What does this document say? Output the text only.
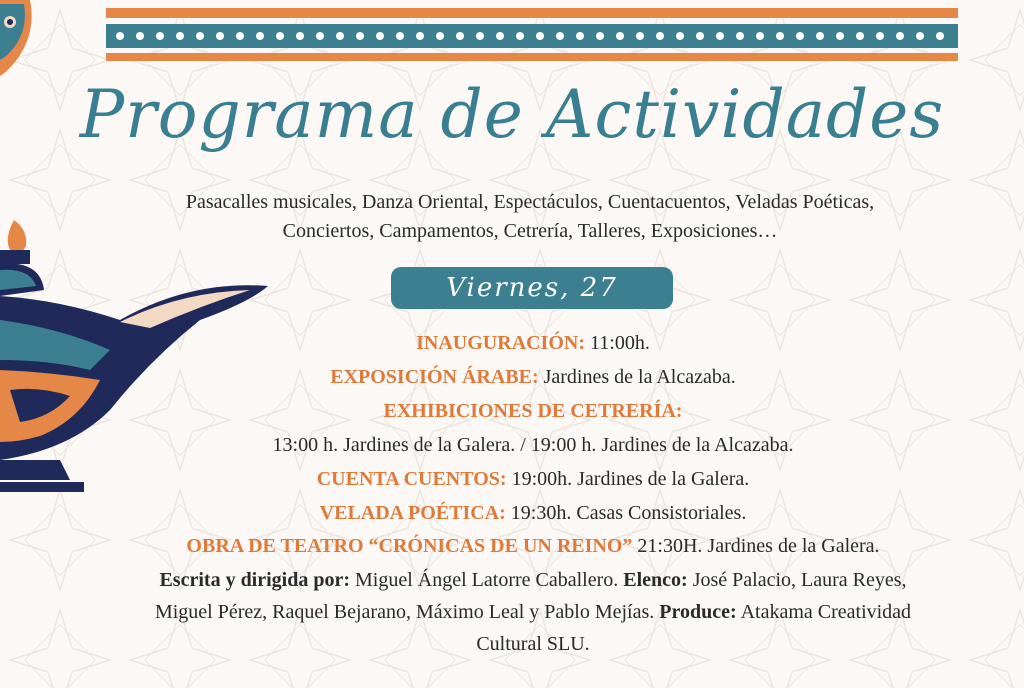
Programa de Actividades
Pasacalles musicales, Danza Oriental, Espectáculos, Cuentacuentos, Veladas Poéticas,
Conciertos, Campamentos, Cetrería, Talleres, Exposiciones…
Viernes, 27
INAUGURACIÓN: 11:00h.
EXPOSICIÓN ÁRABE: Jardines de la Alcazaba.
EXHIBICIONES DE CETRERÍA:
13:00 h. Jardines de la Galera. / 19:00 h. Jardines de la Alcazaba.
CUENTA CUENTOS: 19:00h. Jardines de la Galera.
VELADA POÉTICA: 19:30h. Casas Consistoriales.
OBRA DE TEATRO “CRÓNICAS DE UN REINO” 21:30H. Jardines de la Galera.
Escrita y dirigida por: Miguel Ángel Latorre Caballero. Elenco: José Palacio, Laura Reyes,
Miguel Pérez, Raquel Bejarano, Máximo Leal y Pablo Mejías. Produce: Atakama Creatividad
Cultural SLU.
